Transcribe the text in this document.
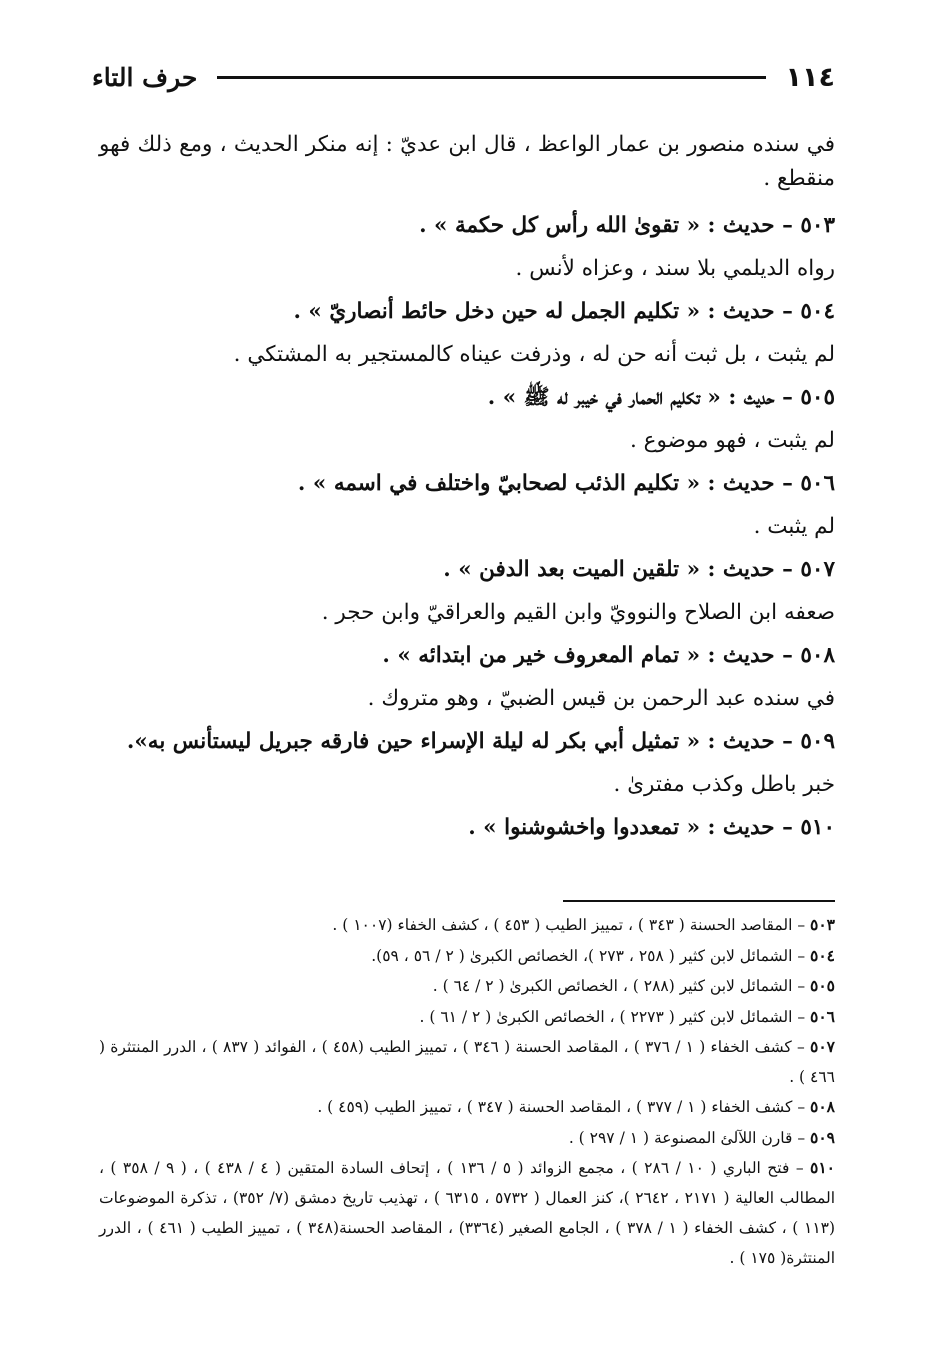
١١٤
حرف التاء

في سنده منصور بن عمار الواعظ ، قال ابن عديّ : إنه منكر الحديث ، ومع ذلك فهو منقطع .

٥٠٣ – حديث : « تقوىٰ الله رأس كل حكمة » .

رواه الديلمي بلا سند ، وعزاه لأنس .

٥٠٤ – حديث : « تكليم الجمل له حين دخل حائط أنصاريّ » .

لم يثبت ، بل ثبت أنه حن له ، وذرفت عيناه كالمستجير به المشتكي .

٥٠٥ – حديث : « تكليم الحمار في خيبر له ﷺ » .

لم يثبت ، فهو موضوع .

٥٠٦ – حديث : « تكليم الذئب لصحابيّ واختلف في اسمه » .

لم يثبت .

٥٠٧ – حديث : « تلقين الميت بعد الدفن » .

صعفه ابن الصلاح والنوويّ وابن القيم والعراقيّ وابن حجر .

٥٠٨ – حديث : « تمام المعروف خير من ابتدائه » .

في سنده عبد الرحمن بن قيس الضبيّ ، وهو متروك .

٥٠٩ – حديث : « تمثيل أبي بكر له ليلة الإسراء حين فارقه جبريل ليستأنس به».

خبر باطل وكذب مفترىٰ .

٥١٠ – حديث : « تمعددوا واخشوشنوا » .

٥٠٣ – المقاصد الحسنة ( ٣٤٣ ) ، تمييز الطيب ( ٤٥٣ ) ، كشف الخفاء (١٠٠٧ ) .

٥٠٤ – الشمائل لابن كثير ( ٢٥٨ ، ٢٧٣ )، الخصائص الكبرىٰ ( ٢ / ٥٦ ، ٥٩).

٥٠٥ – الشمائل لابن كثير (٢٨٨ ) ، الخصائص الكبرىٰ ( ٢ / ٦٤ ) .

٥٠٦ – الشمائل لابن كثير ( ٢٢٧٣ ) ، الخصائص الكبرىٰ ( ٢ / ٦١ ) .

٥٠٧ – كشف الخفاء ( ١ / ٣٧٦ ) ، المقاصد الحسنة ( ٣٤٦ ) ، تمييز الطيب (٤٥٨ ) ، الفوائد ( ٨٣٧ ) ، الدرر المنتثرة ( ٤٦٦ ) .

٥٠٨ – كشف الخفاء ( ١ / ٣٧٧ ) ، المقاصد الحسنة ( ٣٤٧ ) ، تمييز الطيب (٤٥٩ ) .

٥٠٩ – قارن اللآلئ المصنوعة ( ١ / ٢٩٧ ) .

٥١٠ – فتح الباري ( ١٠ / ٢٨٦ ) ، مجمع الزوائد ( ٥ / ١٣٦ ) ، إتحاف السادة المتقين ( ٤ / ٤٣٨ ) ، ( ٩ / ٣٥٨ ) ، المطالب العالية ( ٢١٧١ ، ٢٦٤٢ )، كنز العمال ( ٥٧٣٢ ، ٦٣١٥ ) ، تهذيب تاريخ دمشق (٧/ ٣٥٢) ، تذكرة الموضوعات (١١٣ ) ، كشف الخفاء ( ١ / ٣٧٨ ) ، الجامع الصغير (٣٣٦٤) ، المقاصد الحسنة(٣٤٨ ) ، تمييز الطيب ( ٤٦١ ) ، الدرر المنتثرة( ١٧٥ ) .
